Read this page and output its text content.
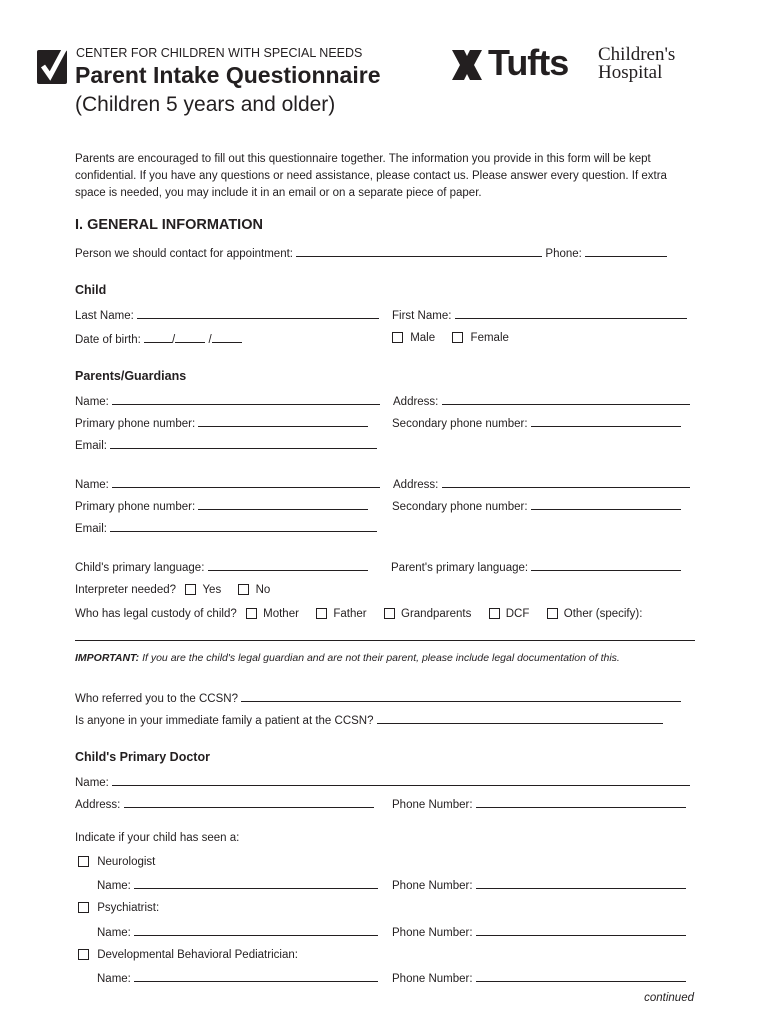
CENTER FOR CHILDREN WITH SPECIAL NEEDS
Parent Intake Questionnaire
(Children 5 years and older)
Tufts Children's
Hospital
Parents are encouraged to fill out this questionnaire together. The information you provide in this form will be kept confidential. If you have any questions or need assistance, please contact us. Please answer every question. If extra space is needed, you may include it in an email or on a separate piece of paper.
I. GENERAL INFORMATION
Person we should contact for appointment:	Phone:
Child
Last Name:	First Name:
Date of birth:	/	/	Male	Female
Parents/Guardians
Name:	Address:
Primary phone number:	Secondary phone number:
Email:
Name:	Address:
Primary phone number:	Secondary phone number:
Email:
Child's primary language:	Parent's primary language:
Interpreter needed? Yes	No
Who has legal custody of child? Mother	Father	Grandparents	DCF	Other (specify):
IMPORTANT: If you are the child's legal guardian and are not their parent, please include legal documentation of this.
Who referred you to the CCSN?
Is anyone in your immediate family a patient at the CCSN?
Child's Primary Doctor
Name:
Address:	Phone Number:
Indicate if your child has seen a:
Neurologist
Name:	Phone Number:
Psychiatrist:
Name:	Phone Number:
Developmental Behavioral Pediatrician:
Name:	Phone Number:
continued
